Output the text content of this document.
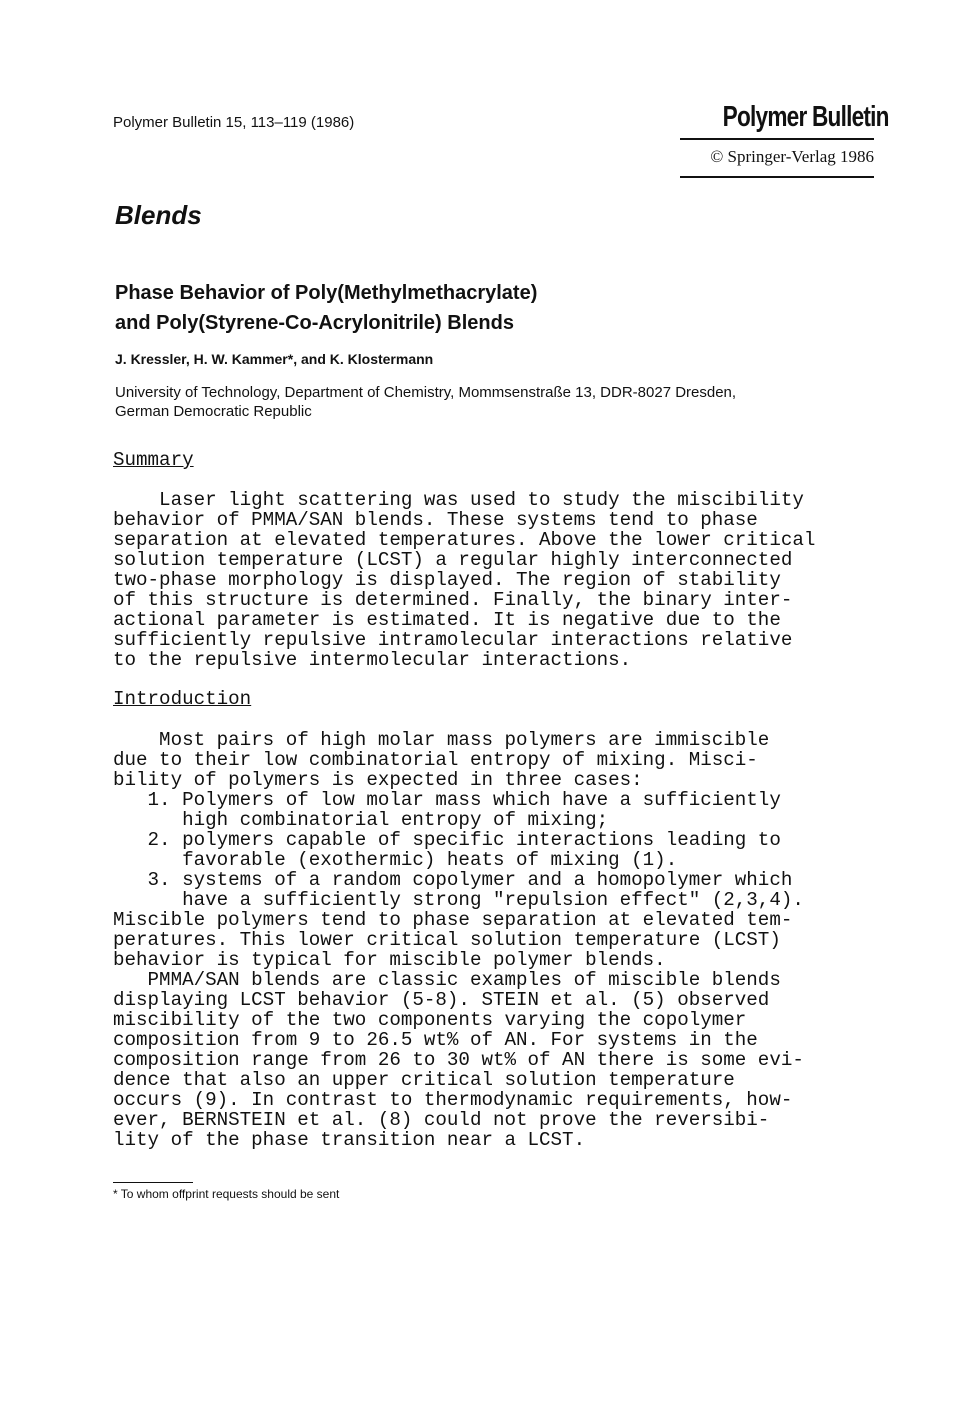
Polymer Bulletin 15, 113–119 (1986)	Polymer Bulletin
© Springer-Verlag 1986
Blends
Phase Behavior of Poly(Methylmethacrylate)
and Poly(Styrene-Co-Acrylonitrile) Blends
J. Kressler, H. W. Kammer*, and K. Klostermann
University of Technology, Department of Chemistry, Mommsenstraße 13, DDR-8027 Dresden,
German Democratic Republic
Summary
Laser light scattering was used to study the miscibility
behavior of PMMA/SAN blends. These systems tend to phase
separation at elevated temperatures. Above the lower critical
solution temperature (LCST) a regular highly interconnected
two-phase morphology is displayed. The region of stability
of this structure is determined. Finally, the binary inter-
actional parameter is estimated. It is negative due to the
sufficiently repulsive intramolecular interactions relative
to the repulsive intermolecular interactions.
Introduction
Most pairs of high molar mass polymers are immiscible
due to their low combinatorial entropy of mixing. Misci-
bility of polymers is expected in three cases:
1. Polymers of low molar mass which have a sufficiently
high combinatorial entropy of mixing;
2. polymers capable of specific interactions leading to
favorable (exothermic) heats of mixing (1).
3. systems of a random copolymer and a homopolymer which
have a sufficiently strong "repulsion effect" (2,3,4).
Miscible polymers tend to phase separation at elevated tem-
peratures. This lower critical solution temperature (LCST)
behavior is typical for miscible polymer blends.
PMMA/SAN blends are classic examples of miscible blends
displaying LCST behavior (5-8). STEIN et al. (5) observed
miscibility of the two components varying the copolymer
composition from 9 to 26.5 wt% of AN. For systems in the
composition range from 26 to 30 wt% of AN there is some evi-
dence that also an upper critical solution temperature
occurs (9). In contrast to thermodynamic requirements, how-
ever, BERNSTEIN et al. (8) could not prove the reversibi-
lity of the phase transition near a LCST.
* To whom offprint requests should be sent
